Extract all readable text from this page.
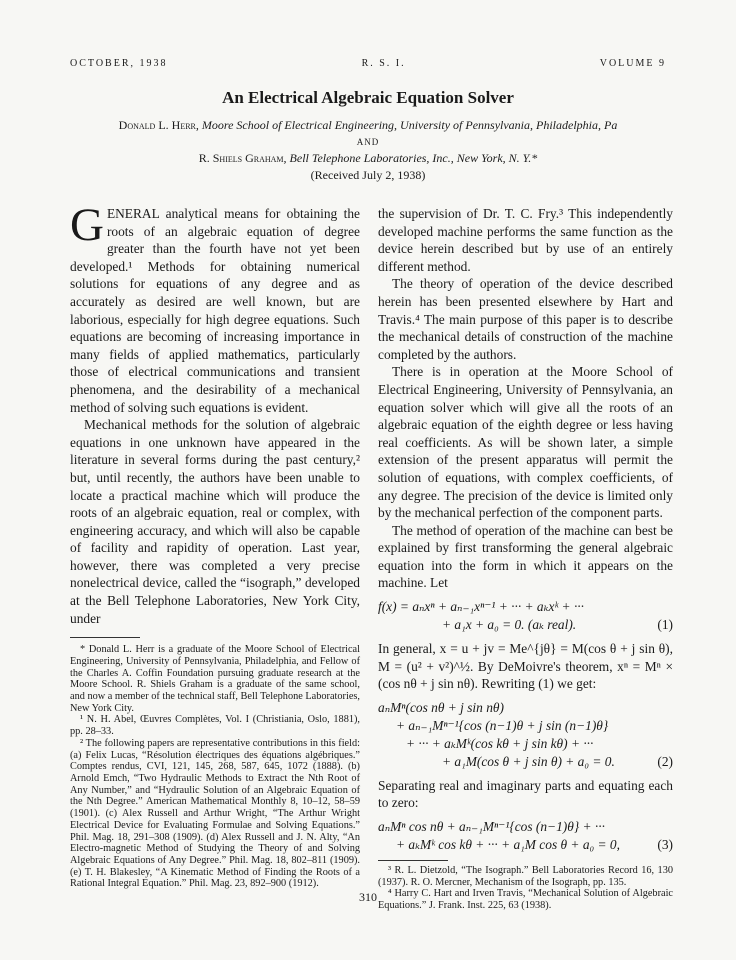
OCTOBER, 1938	R. S. I.	VOLUME 9
An Electrical Algebraic Equation Solver
Donald L. Herr, Moore School of Electrical Engineering, University of Pennsylvania, Philadelphia, Pa
AND
R. Shiels Graham, Bell Telephone Laboratories, Inc., New York, N. Y.*
(Received July 2, 1938)

GENERAL analytical means for obtaining the roots of an algebraic equation of degree greater than the fourth have not yet been developed.¹ Methods for obtaining numerical solutions for equations of any degree and as accurately as desired are well known, but are laborious, especially for high degree equations. Such equations are becoming of increasing importance in many fields of applied mathematics, particularly those of electrical communications and transient phenomena, and the desirability of a mechanical method of solving such equations is evident.

Mechanical methods for the solution of algebraic equations in one unknown have appeared in the literature in several forms during the past century,² but, until recently, the authors have been unable to locate a practical machine which will produce the roots of an algebraic equation, real or complex, with engineering accuracy, and which will also be capable of facility and rapidity of operation. Last year, however, there was completed a very precise nonelectrical device, called the “isograph,” developed at the Bell Telephone Laboratories, New York City, under

* Donald L. Herr is a graduate of the Moore School of Electrical Engineering, University of Pennsylvania, Philadelphia, and Fellow of the Charles A. Coffin Foundation pursuing graduate research at the Moore School. R. Shiels Graham is a graduate of the same school, and now a member of the technical staff, Bell Telephone Laboratories, New York City.

¹ N. H. Abel, Œuvres Complètes, Vol. I (Christiania, Oslo, 1881), pp. 28–33.

² The following papers are representative contributions in this field: (a) Felix Lucas, “Résolution électriques des équations algébriques.” Comptes rendus, CVI, 121, 145, 268, 587, 645, 1072 (1888). (b) Arnold Emch, “Two Hydraulic Methods to Extract the Nth Root of Any Number,” and “Hydraulic Solution of an Algebraic Equation of the Nth Degree.” American Mathematical Monthly 8, 10–12, 58–59 (1901). (c) Alex Russell and Arthur Wright, “The Arthur Wright Electrical Device for Evaluating Formulae and Solving Equations.” Phil. Mag. 18, 291–308 (1909). (d) Alex Russell and J. N. Alty, “An Electro-magnetic Method of Studying the Theory of and Solving Algebraic Equations of Any Degree.” Phil. Mag. 18, 802–811 (1909). (e) T. H. Blakesley, “A Kinematic Method of Finding the Roots of a Rational Integral Equation.” Phil. Mag. 23, 892–900 (1912).

the supervision of Dr. T. C. Fry.³ This independently developed machine performs the same function as the device herein described but by use of an entirely different method.

The theory of operation of the device described herein has been presented elsewhere by Hart and Travis.⁴ The main purpose of this paper is to describe the mechanical details of construction of the machine completed by the authors.

There is in operation at the Moore School of Electrical Engineering, University of Pennsylvania, an equation solver which will give all the roots of an algebraic equation of the eighth degree or less having real coefficients. As will be shown later, a simple extension of the present apparatus will permit the solution of equations, with complex coefficients, of any degree. The precision of the device is limited only by the mechanical perfection of the component parts.

The method of operation of the machine can best be explained by first transforming the general algebraic equation into the form in which it appears on the machine. Let

f(x) = aₙxⁿ + aₙ₋₁xⁿ⁻¹ + ··· + aₖxᵏ + ···
+ a₁x + a₀ = 0. (aₖ real).	(1)

In general, x = u + jv = Me^{jθ} = M(cos θ + j sin θ), M = (u² + v²)^½. By DeMoivre's theorem, xⁿ = Mⁿ × (cos nθ + j sin nθ). Rewriting (1) we get:

aₙMⁿ(cos nθ + j sin nθ)
+ aₙ₋₁Mⁿ⁻¹{cos (n−1)θ + j sin (n−1)θ}
+ ··· + aₖMᵏ(cos kθ + j sin kθ) + ···
+ a₁M(cos θ + j sin θ) + a₀ = 0.	(2)

Separating real and imaginary parts and equating each to zero:

aₙMⁿ cos nθ + aₙ₋₁Mⁿ⁻¹{cos (n−1)θ} + ···
+ aₖMᵏ cos kθ + ··· + a₁M cos θ + a₀ = 0,	(3)

³ R. L. Dietzold, “The Isograph.” Bell Laboratories Record 16, 130 (1937). R. O. Mercner, Mechanism of the Isograph, pp. 135.

⁴ Harry C. Hart and Irven Travis, “Mechanical Solution of Algebraic Equations.” J. Frank. Inst. 225, 63 (1938).

310
